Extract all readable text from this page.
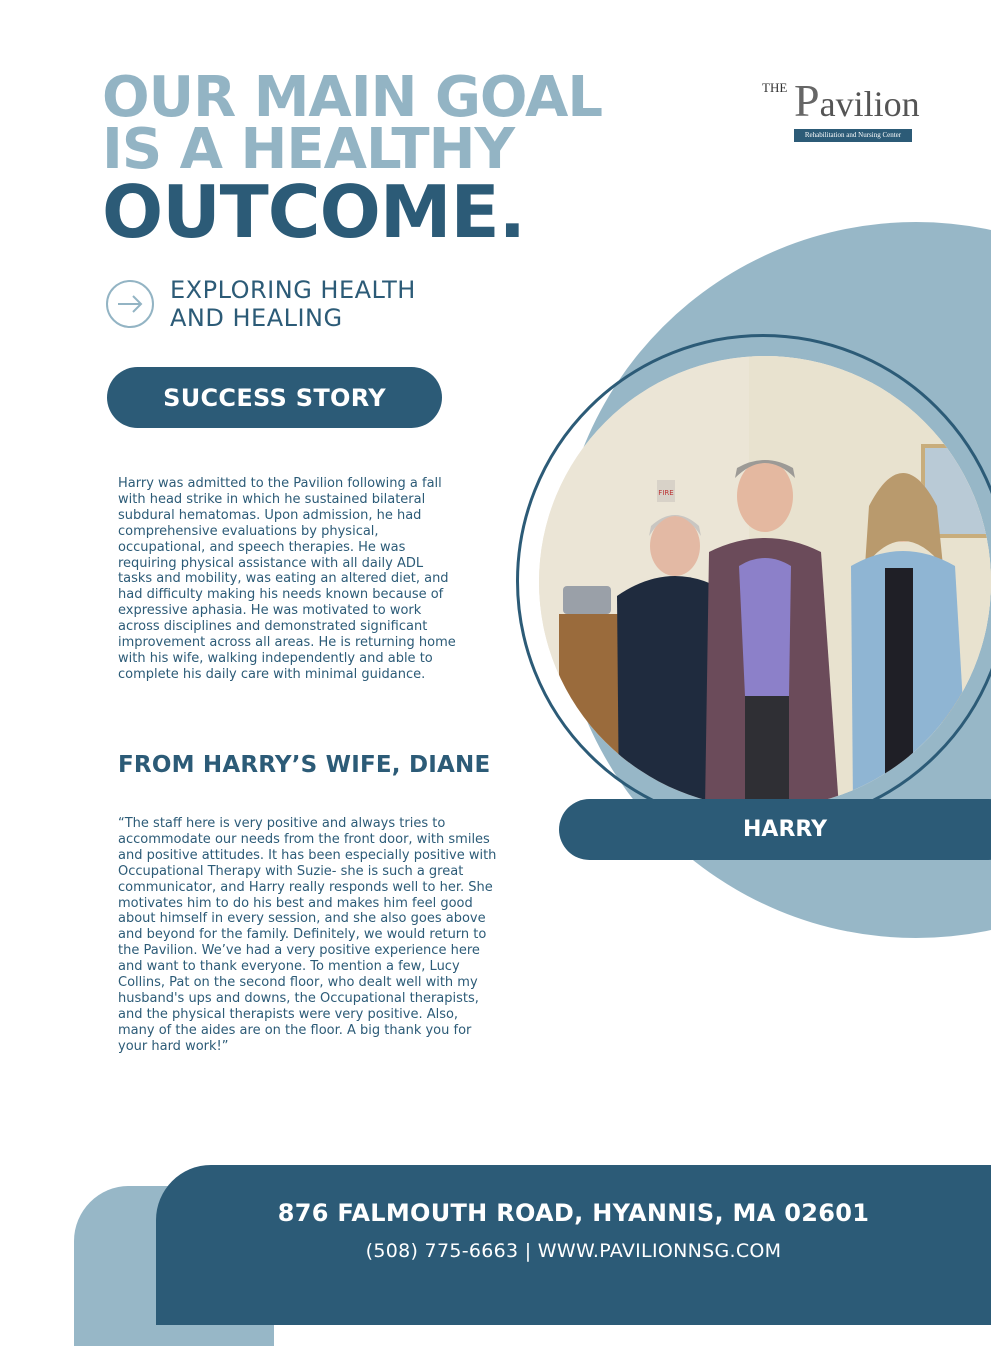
OUR MAIN GOAL
IS A HEALTHY
OUTCOME.
THE Pavilion
Rehabilitation and Nursing Center
EXPLORING HEALTH
AND HEALING
SUCCESS STORY
Harry was admitted to the Pavilion following a fall with head strike in which he sustained bilateral subdural hematomas. Upon admission, he had comprehensive evaluations by physical, occupational, and speech therapies. He was requiring physical assistance with all daily ADL tasks and mobility, was eating an altered diet, and had difficulty making his needs known because of expressive aphasia. He was motivated to work across disciplines and demonstrated significant improvement across all areas. He is returning home with his wife, walking independently and able to complete his daily care with minimal guidance.
FROM HARRY’S WIFE, DIANE
“The staff here is very positive and always tries to accommodate our needs from the front door, with smiles and positive attitudes. It has been especially positive with Occupational Therapy with Suzie- she is such a great communicator, and Harry really responds well to her. She motivates him to do his best and makes him feel good about himself in every session, and she also goes above and beyond for the family. Definitely, we would return to the Pavilion. We’ve had a very positive experience here and want to thank everyone. To mention a few, Lucy Collins, Pat on the second floor, who dealt well with my husband's ups and downs, the Occupational therapists, and the physical therapists were very positive. Also, many of the aides are on the floor. A big thank you for your hard work!”
FIRE
HARRY
876 FALMOUTH ROAD, HYANNIS, MA 02601
(508) 775-6663 | WWW.PAVILIONNSG.COM
